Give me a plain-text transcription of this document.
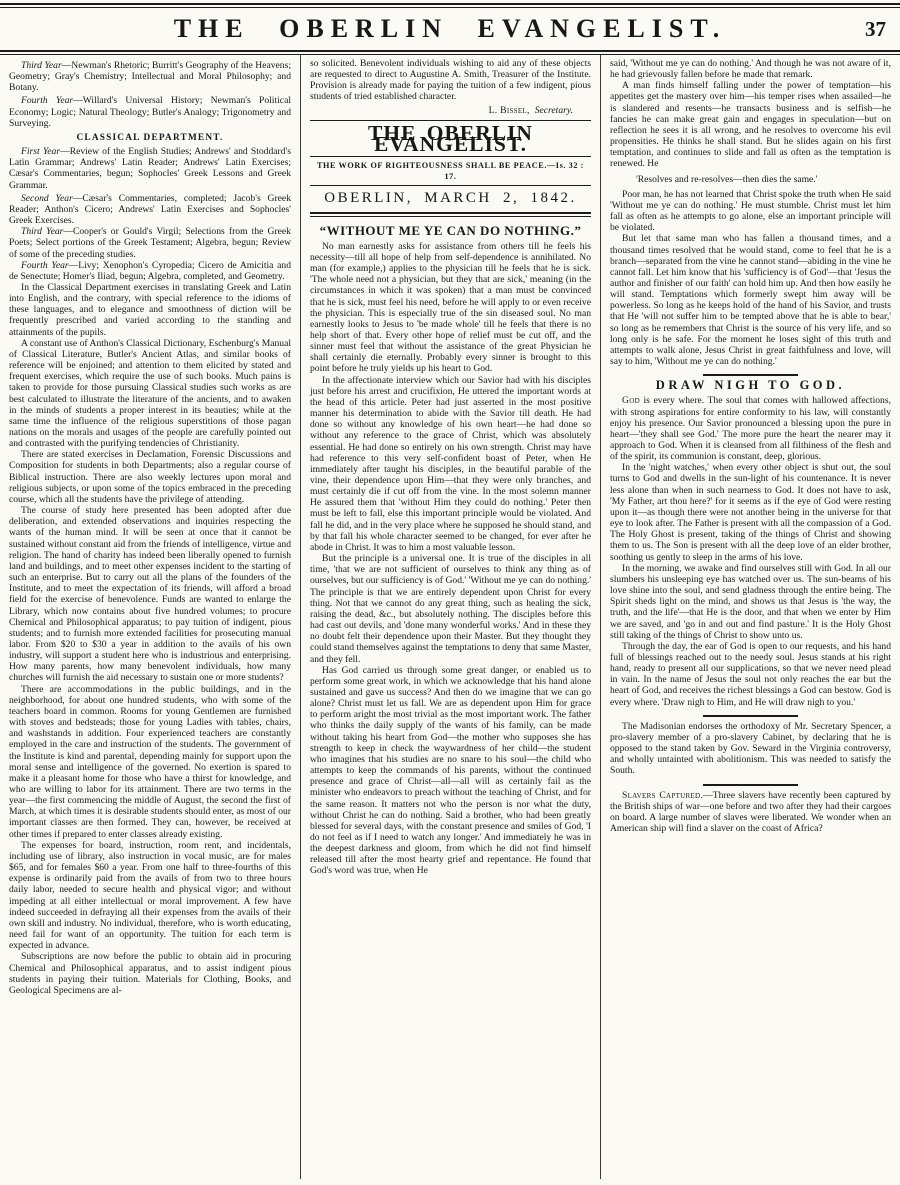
THE OBERLIN EVANGELIST.	37

Third Year—Newman's Rhetoric; Burritt's Geography of the Heavens; Geometry; Gray's Chemistry; Intellectual and Moral Philosophy; and Botany.

Fourth Year—Willard's Universal History; Newman's Political Economy; Logic; Natural Theology; Butler's Analogy; Trigonometry and Surveying.

CLASSICAL DEPARTMENT.

First Year—Review of the English Studies; Andrews' and Stoddard's Latin Grammar; Andrews' Latin Reader; Andrews' Latin Exercises; Cæsar's Commentaries, begun; Sophocles' Greek Lessons and Greek Grammar.

Second Year—Cæsar's Commentaries, completed; Jacob's Greek Reader; Anthon's Cicero; Andrews' Latin Exercises and Sophocles' Greek Exercises.

Third Year—Cooper's or Gould's Virgil; Selections from the Greek Poets; Select portions of the Greek Testament; Algebra, begun; Review of some of the preceding studies.

Fourth Year—Livy; Xenophon's Cyropedia; Cicero de Amicitia and de Senectute; Homer's Iliad, begun; Algebra, completed, and Geometry.

In the Classical Department exercises in translating Greek and Latin into English, and the contrary, with special reference to the idioms of these languages, and to elegance and smoothness of diction will be frequently prescribed and varied according to the standing and attainments of the pupils.

A constant use of Anthon's Classical Dictionary, Eschenburg's Manual of Classical Literature, Butler's Ancient Atlas, and similar books of reference will be enjoined; and attention to them elicited by stated and frequent exercises, which require the use of such books. Much pains is taken to provide for those pursuing Classical studies such works as are best calculated to illustrate the literature of the ancients, and to awaken in the minds of students a proper interest in its beauties; while at the same time the influence of the religious superstitions of those pagan nations on the morals and usages of the people are carefully pointed out and contrasted with the purifying tendencies of Christianity.

There are stated exercises in Declamation, Forensic Discussions and Composition for students in both Departments; also a regular course of Biblical instruction. There are also weekly lectures upon moral and religious subjects, or upon some of the topics embraced in the preceding course, which all the students have the privilege of attending.

The course of study here presented has been adopted after due deliberation, and extended observations and inquiries respecting the wants of the human mind. It will be seen at once that it cannot be sustained without constant aid from the friends of intelligence, virtue and religion. The hand of charity has indeed been liberally opened to furnish land and buildings, and to meet other expenses incident to the starting of such an enterprise. But to carry out all the plans of the founders of the Institute, and to meet the expectation of its friends, will afford a broad field for the exercise of benevolence. Funds are wanted to enlarge the Library, which now contains about five hundred volumes; to procure Chemical and Philosophical apparatus; to pay tuition of indigent, pious students; and to furnish more extended facilities for prosecuting manual labor. From $20 to $30 a year in addition to the avails of his own industry, will support a student here who is industrious and enterprising. How many parents, how many benevolent individuals, how many churches will furnish the aid necessary to sustain one or more students?

There are accommodations in the public buildings, and in the neighborhood, for about one hundred students, who with some of the teachers board in common. Rooms for young Gentlemen are furnished with stoves and bedsteads; those for young Ladies with tables, chairs, and washstands in addition. Four experienced teachers are constantly employed in the care and instruction of the students. The government of the Institute is kind and parental, depending mainly for support upon the moral sense and intelligence of the governed. No exertion is spared to make it a pleasant home for those who have a thirst for knowledge, and who are willing to labor for its attainment. There are two terms in the year—the first commencing the middle of August, the second the first of March, at which times it is desirable students should enter, as most of our important classes are then formed. They can, however, be received at other times if prepared to enter classes already existing.

The expenses for board, instruction, room rent, and incidentals, including use of library, also instruction in vocal music, are for males $65, and for females $60 a year. From one half to three-fourths of this expense is ordinarily paid from the avails of from two to three hours daily labor, needed to secure health and physical vigor; and without impeding at all either intellectual or moral improvement. A few have indeed succeeded in defraying all their expenses from the avails of their own skill and industry. No individual, therefore, who is worth educating, need fail for want of an opportunity. The tuition for each term is expected in advance.

Subscriptions are now before the public to obtain aid in procuring Chemical and Philosophical apparatus, and to assist indigent pious students in paying their tuition. Materials for Clothing, Books, and Geological Specimens are al-

so solicited. Benevolent individuals wishing to aid any of these objects are requested to direct to Augustine A. Smith, Treasurer of the Institute. Provision is already made for paying the tuition of a few indigent, pious students of tried established character.

L. Bissel, Secretary.

THE OBERLIN EVANGELIST.
THE WORK OF RIGHTEOUSNESS SHALL BE PEACE.—Is. 32 : 17.
OBERLIN, MARCH 2, 1842.

“WITHOUT ME YE CAN DO NOTHING.”

No man earnestly asks for assistance from others till he feels his necessity—till all hope of help from self-dependence is annihilated. No man (for example,) applies to the physician till he feels that he is sick. 'The whole need not a physician, but they that are sick,' meaning (in the circumstances in which it was spoken) that a man must be convinced that he is sick, must feel his need, before he will apply to or even receive the physician. This is especially true of the sin diseased soul. No man earnestly looks to Jesus to 'be made whole' till he feels that there is no help short of that. Every other hope of relief must be cut off, and the sinner must feel that without the assistance of the great Physician he shall certainly die eternally. Probably every sinner is brought to this point before he truly yields up his heart to God.

In the affectionate interview which our Savior had with his disciples just before his arrest and crucifixion, He uttered the important words at the head of this article. Peter had just asserted in the most positive manner his determination to abide with the Savior till death. He had done so without any knowledge of his own heart—he had done so without any reference to the grace of Christ, which was absolutely essential. He had done so entirely on his own strength. Christ may have had reference to this very self-confident boast of Peter, when He immediately after taught his disciples, in the beautiful parable of the vine, their dependence upon Him—that they were only branches, and must certainly die if cut off from the vine. In the most solemn manner He assured them that 'without Him they could do nothing.' Peter then must be left to fall, else this important principle would be violated. And fall he did, and in the very place where he supposed he should stand, and by that fall his whole character seemed to be changed, for ever after he abode in Christ. It was to him a most valuable lesson.

But the principle is a universal one. It is true of the disciples in all time, 'that we are not sufficient of ourselves to think any thing as of ourselves, but our sufficiency is of God.' 'Without me ye can do nothing.' The principle is that we are entirely dependent upon Christ for every thing. Not that we cannot do any great thing, such as healing the sick, raising the dead, &c., but absolutely nothing. The disciples before this had cast out devils, and 'done many wonderful works.' And in these they no doubt felt their dependence upon their Master. But they thought they could stand themselves against the temptations to deny that same Master, and they fell.

Has God carried us through some great danger, or enabled us to perform some great work, in which we acknowledge that his hand alone sustained and gave us success? And then do we imagine that we can go alone? Christ must let us fall. We are as dependent upon Him for grace to perform aright the most trivial as the most important work. The father who thinks the daily supply of the wants of his family, can be made without taking his heart from God—the mother who supposes she has strength to keep in check the waywardness of her child—the student who imagines that his studies are no snare to his soul—the child who attempts to keep the commands of his parents, without the continued presence and grace of Christ—all—all will as certainly fail as the minister who endeavors to preach without the teaching of Christ, and for the same reason. It matters not who the person is nor what the duty, without Christ he can do nothing. Said a brother, who had been greatly blessed for several days, with the constant presence and smiles of God, 'I do not feel as if I need to watch any longer.' And immediately he was in the deepest darkness and gloom, from which he did not find himself released till after the most hearty grief and repentance. He found that God's word was true, when He

said, 'Without me ye can do nothing.' And though he was not aware of it, he had grievously fallen before he made that remark.

A man finds himself falling under the power of temptation—his appetites get the mastery over him—his temper rises when assailed—he is slandered and resents—he transacts business and is selfish—he fancies he can make great gain and engages in speculation—but on reflection he sees it is all wrong, and he resolves to overcome his evil propensities. He thinks he shall stand. But he slides again on his first temptation, and continues to slide and fall as often as the temptation is renewed. He

'Resolves and re-resolves—then dies the same.'

Poor man, he has not learned that Christ spoke the truth when He said 'Without me ye can do nothing.' He must stumble. Christ must let him fall as often as he attempts to go alone, else an important principle will be violated.

But let that same man who has fallen a thousand times, and a thousand times resolved that he would stand, come to feel that he is a branch—separated from the vine he cannot stand—abiding in the vine he cannot fall. Let him know that his 'sufficiency is of God'—that 'Jesus the author and finisher of our faith' can hold him up. And then how easily he will stand. Temptations which formerly swept him away will be powerless. So long as he keeps hold of the hand of his Savior, and trusts that He 'will not suffer him to be tempted above that he is able to bear,' so long as he remembers that Christ is the source of his very life, and so long only is he safe. For the moment he loses sight of this truth and attempts to walk alone, Jesus Christ in great faithfulness and love, will say to him, 'Without me ye can do nothing.'

DRAW NIGH TO GOD.

God is every where. The soul that comes with hallowed affections, with strong aspirations for entire conformity to his law, will constantly enjoy his presence. Our Savior pronounced a blessing upon the pure in heart—'they shall see God.' The more pure the heart the nearer may it approach to God. When it is cleansed from all filthiness of the flesh and of the spirit, its communion is constant, deep, glorious.

In the 'night watches,' when every other object is shut out, the soul turns to God and dwells in the sun-light of his countenance. It is never less alone than when in such nearness to God. It does not have to ask, 'My Father, art thou here?' for it seems as if the eye of God were resting upon it—as though there were not another being in the universe for that eye to look after. The Father is present with all the compassion of a God. The Holy Ghost is present, taking of the things of Christ and showing them to us. The Son is present with all the deep love of an elder brother, soothing us gently to sleep in the arms of his love.

In the morning, we awake and find ourselves still with God. In all our slumbers his unsleeping eye has watched over us. The sun-beams of his love shine into the soul, and send gladness through the entire being. The Spirit sheds light on the mind, and shows us that Jesus is 'the way, the truth, and the life'—that He is the door, and that when we enter by Him we are saved, and 'go in and out and find pasture.' It is the Holy Ghost still taking of the things of Christ to show unto us.

Through the day, the ear of God is open to our requests, and his hand full of blessings reached out to the needy soul. Jesus stands at his right hand, ready to present all our supplications, so that we never need plead in vain. In the name of Jesus the soul not only reaches the ear but the heart of God, and receives the richest blessings a God can bestow. God is every where. 'Draw nigh to Him, and He will draw nigh to you.'

The Madisonian endorses the orthodoxy of Mr. Secretary Spencer, a pro-slavery member of a pro-slavery Cabinet, by declaring that he is opposed to the stand taken by Gov. Seward in the Virginia controversy, and wholly untainted with abolitionism. This was needed to satisfy the South.

Slavers Captured.—Three slavers have recently been captured by the British ships of war—one before and two after they had their cargoes on board. A large number of slaves were liberated. We wonder when an American ship will find a slaver on the coast of Africa?
